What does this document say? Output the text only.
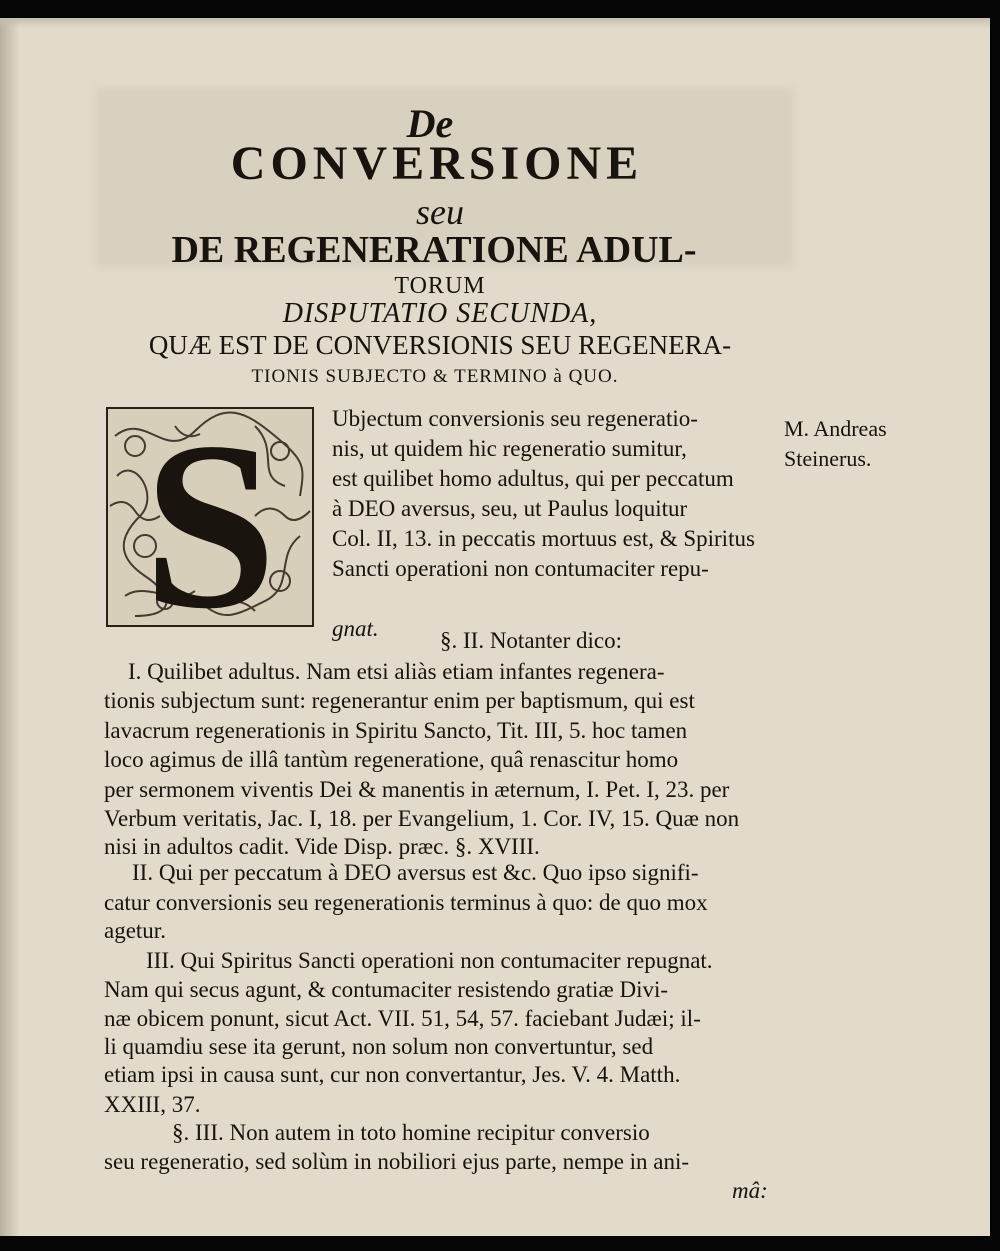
De
CONVERSIONE
seu
DE REGENERATIONE ADUL-
TORUM
DISPUTATIO SECUNDA,
QUÆ EST DE CONVERSIONIS SEU REGENERA-
TIONIS SUBJECTO & TERMINO à QUO.
S Ubjectum conversionis seu regeneratio-
nis, ut quidem hic regeneratio sumitur,
est quilibet homo adultus, qui per peccatum
à DEO aversus, seu, ut Paulus loquitur
Col. II, 13. in peccatis mortuus est, & Spiritus
Sancti operationi non contumaciter repu-
gnat.	§. II. Notanter dico:
I. Quilibet adultus. Nam etsi aliàs etiam infantes regenera-
tionis subjectum sunt: regenerantur enim per baptismum, qui est
lavacrum regenerationis in Spiritu Sancto, Tit. III, 5. hoc tamen
loco agimus de illâ tantùm regeneratione, quâ renascitur homo
per sermonem viventis Dei & manentis in æternum, I. Pet. I, 23. per
Verbum veritatis, Jac. I, 18. per Evangelium, 1. Cor. IV, 15. Quæ non
nisi in adultos cadit. Vide Disp. præc. §. XVIII.
II. Qui per peccatum à DEO aversus est &c. Quo ipso signifi-
catur conversionis seu regenerationis terminus à quo: de quo mox
agetur.
III. Qui Spiritus Sancti operationi non contumaciter repugnat.
Nam qui secus agunt, & contumaciter resistendo gratiæ Divi-
næ obicem ponunt, sicut Act. VII. 51, 54, 57. faciebant Judæi; il-
li quamdiu sese ita gerunt, non solum non convertuntur, sed
etiam ipsi in causa sunt, cur non convertantur, Jes. V. 4. Matth.
XXIII, 37.
§. III. Non autem in toto homine recipitur conversio
seu regeneratio, sed solùm in nobiliori ejus parte, nempe in ani-
mâ:
M. Andreas
Steinerus.
